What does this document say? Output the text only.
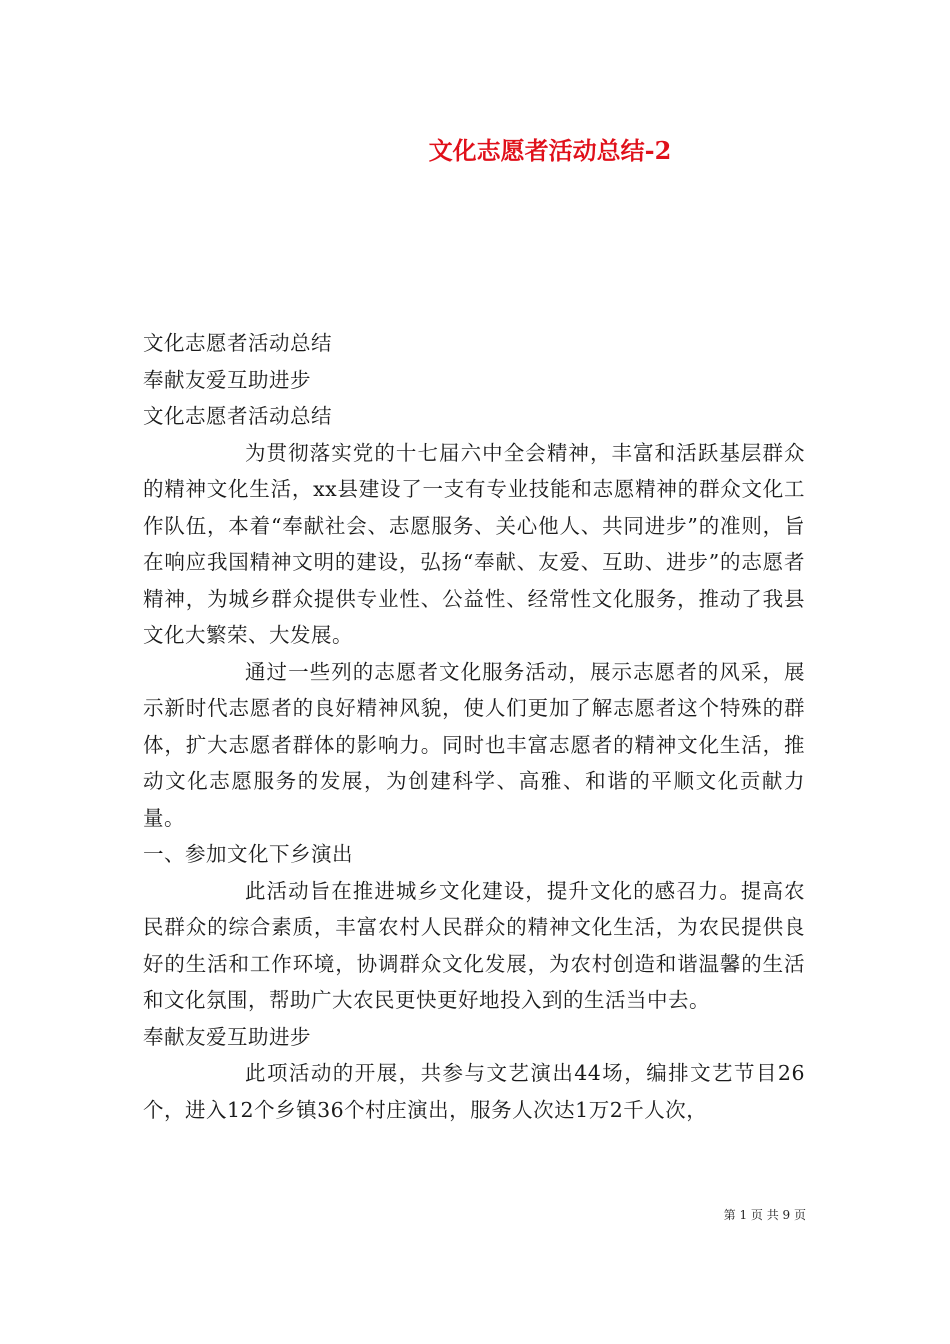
文化志愿者活动总结-2

文化志愿者活动总结

奉献友爱互助进步

文化志愿者活动总结

为贯彻落实党的十七届六中全会精神，丰富和活跃基层群众的精神文化生活，xx县建设了一支有专业技能和志愿精神的群众文化工作队伍，本着“奉献社会、志愿服务、关心他人、共同进步”的准则，旨在响应我国精神文明的建设，弘扬“奉献、友爱、互助、进步”的志愿者精神，为城乡群众提供专业性、公益性、经常性文化服务，推动了我县文化大繁荣、大发展。

通过一些列的志愿者文化服务活动，展示志愿者的风采，展示新时代志愿者的良好精神风貌，使人们更加了解志愿者这个特殊的群体，扩大志愿者群体的影响力。同时也丰富志愿者的精神文化生活，推动文化志愿服务的发展，为创建科学、高雅、和谐的平顺文化贡献力量。

一、参加文化下乡演出

此活动旨在推进城乡文化建设，提升文化的感召力。提高农民群众的综合素质，丰富农村人民群众的精神文化生活，为农民提供良好的生活和工作环境，协调群众文化发展，为农村创造和谐温馨的生活和文化氛围，帮助广大农民更快更好地投入到的生活当中去。

奉献友爱互助进步

此项活动的开展，共参与文艺演出44场，编排文艺节目26个，进入12个乡镇36个村庄演出，服务人次达1万2千人次，

第 1 页 共 9 页
